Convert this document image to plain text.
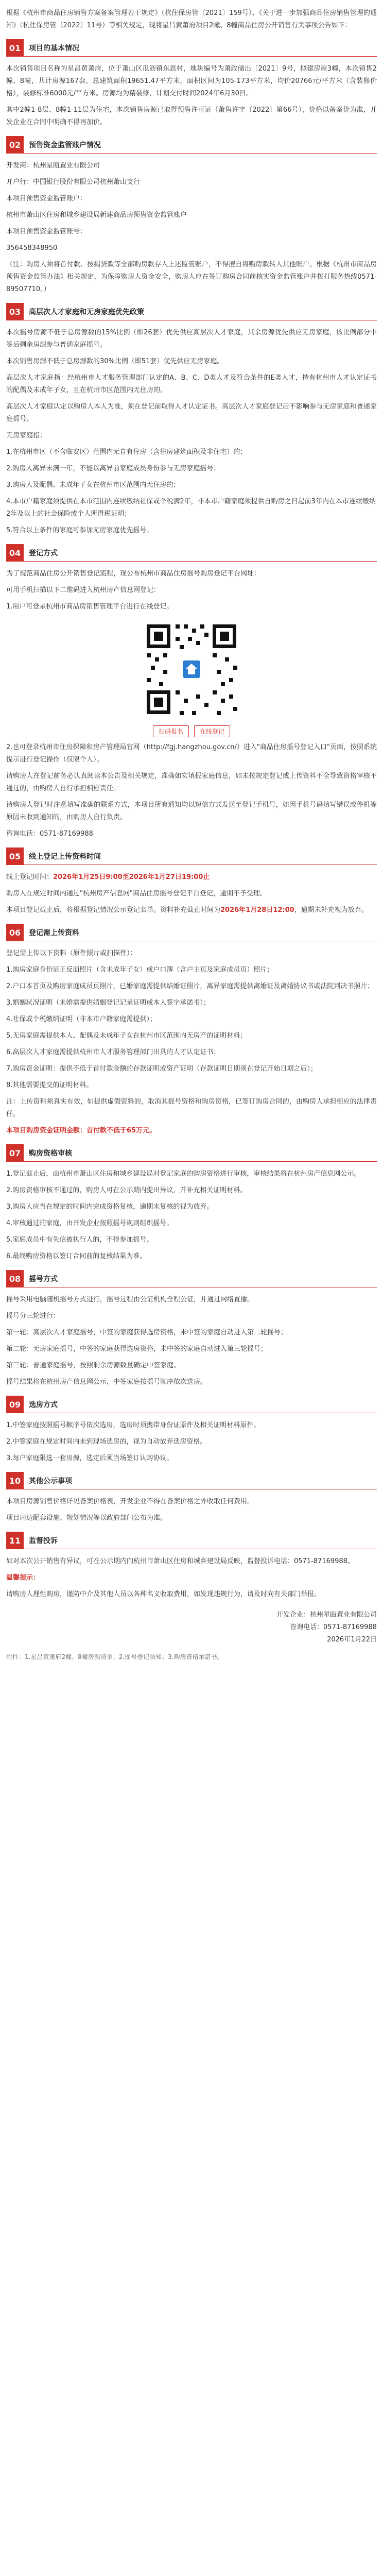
根据《杭州市商品住房销售方案备案管理若干规定》（杭住保房管〔2021〕159号）、《关于进一步加强商品住房销售管理的通知》（杭住保房管〔2022〕11号）等相关规定，现将星昌黄萧府项目2幢、8幢商品住房公开销售有关事项公告如下：

01	项目的基本情况

本次销售项目名称为星昌黄萧府，位于萧山区瓜沥镇东恩村，地块编号为萧政储出〔2021〕9号，拟建房屋3幢，本次销售2幢、8幢，共计房源167套，总建筑面积19651.47平方米，面积区间为105-173平方米，均价20766元/平方米（含装修价格），装修标准6000元/平方米。房源均为精装修，计划交付时间2024年6月30日。

其中2幢1-8层、8幢1-11层为住宅，本次销售房源已取得预售许可证（萧售许字〔2022〕第66号），价格以备案价为准，开发企业在合同中明确不得再加价。

02	预售资金监管账户情况
开发商：杭州星瓯置业有限公司
开户行：中国银行股份有限公司杭州萧山支行
本项目预售资金监管账户：
杭州市萧山区住房和城乡建设局新建商品房预售资金监管账户
本项目预售资金监管账号：
356458348950

（注：购房人须将首付款、按揭贷款等全部购房款存入上述监管账户，不得擅自将购房款转入其他账户。根据《杭州市商品房预售资金监管办法》相关规定，为保障购房人资金安全，购房人应在签订购房合同前核实资金监管账户并拨打服务热线0571-89507710。）

03	高层次人才家庭和无房家庭优先政策

本次摇号房源不低于总房源数的15%比例（即26套）优先供应高层次人才家庭，其余房源优先供应无房家庭，该比例部分中签后剩余房源参与普通家庭摇号。

本次销售房源不低于总房源数的30%比例（即51套）优先供应无房家庭。

高层次人才家庭指：经杭州市人才服务管理部门认定的A、B、C、D类人才及符合条件的E类人才，持有杭州市人才认定证书的配偶及未成年子女，且在杭州市区范围内无住房的。

高层次人才家庭认定以购房人本人为准，须在登记前取得人才认定证书。高层次人才家庭登记后不影响参与无房家庭和普通家庭摇号。

无房家庭指：
1.在杭州市区（不含临安区）范围内无自有住房（含住房建筑面积及非住宅）的；
2.购房人离异未满一年，不能以离异前家庭成员身份参与无房家庭摇号；
3.购房人及配偶、未成年子女在杭州市区范围内无住房的；
4.本市户籍家庭须提供在本市范围内连续缴纳社保或个税满2年，非本市户籍家庭须提供自购房之日起前3年内在本市连续缴纳2年及以上的社会保险或个人所得税证明；
5.符合以上条件的家庭可参加无房家庭优先摇号。
04	登记方式

为了规范商品住房公开销售登记流程，现公布杭州市商品住房摇号购房登记平台网址：

可用手机扫描以下二维码进入杭州房产信息网登记：

1.用户可登录杭州市商品房销售管理平台进行在线登记。

扫码报名	在线登记

2.也可登录杭州市住房保障和房产管理局官网（http://fgj.hangzhou.gov.cn/）进入"商品住房摇号登记入口"页面，按照系统提示进行登记操作（仅限个人）。

请购房人在登记前务必认真阅读本公告及相关规定，准确如实填报家庭信息，如未按规定登记或上传资料不全导致资格审核不通过的，由购房人自行承担相应责任。

请购房人登记时注意填写准确的联系方式，本项目所有通知均以短信方式发送至登记手机号，如因手机号码填写错误或停机等原因未收到通知的，由购房人自行负责。

咨询电话：0571-87169988

05	线上登记上传资料时间

线上登记时间：2026年1月25日9:00至2026年1月27日19:00止

购房人在规定时间内通过"杭州房产信息网"商品住房摇号登记平台登记，逾期不予受理。

本项目登记截止后，将根据登记情况公示登记名单。资料补充截止时间为2026年1月28日12:00，逾期未补充视为放弃。

06	登记需上传资料

登记需上传以下资料（原件照片或扫描件）：

1.购房家庭身份证正反面照片（含未成年子女）或户口簿（含户主页及家庭成员页）照片；

2.户口本首页及购房家庭成员页照片，已婚家庭需提供结婚证照片，离异家庭需提供离婚证及离婚协议书或法院判决书照片；

3.婚姻状况证明（未婚需提供婚姻登记记录证明或本人签字承诺书）；

4.社保或个税缴纳证明（非本市户籍家庭需提供）；

5.无房家庭需提供本人、配偶及未成年子女在杭州市区范围内无房产的证明材料；

6.高层次人才家庭需提供杭州市人才服务管理部门出具的人才认定证书；

7.购房资金证明：提供不低于首付款金额的存款证明或资产证明（存款证明日期须在登记开始日期之后）；

8.其他需要提交的证明材料。

注：上传资料须真实有效，如提供虚假资料的，取消其摇号资格和购房资格，已签订购房合同的，由购房人承担相应的法律责任。

本项目购房资金证明金额：首付款不低于65万元。

07	购房资格审核

1.登记截止后，由杭州市萧山区住房和城乡建设局对登记家庭的购房资格进行审核，审核结果将在杭州房产信息网公示。

2.购房资格审核不通过的，购房人可在公示期内提出异议，并补充相关证明材料。

3.购房人应当在规定的时间内完成资格复核，逾期未复核的视为放弃。

4.审核通过的家庭，由开发企业按照摇号规则组织摇号。

5.家庭成员中有失信被执行人的，不得参加摇号。

6.最终购房资格以签订合同前的复核结果为准。

08	摇号方式

摇号采用电脑随机摇号方式进行，摇号过程由公证机构全程公证，并通过网络直播。

摇号分三轮进行：

第一轮：高层次人才家庭摇号，中签的家庭获得选房资格，未中签的家庭自动进入第二轮摇号；

第二轮：无房家庭摇号，中签的家庭获得选房资格，未中签的家庭自动进入第三轮摇号；

第三轮：普通家庭摇号，按照剩余房源数量确定中签家庭。

摇号结果将在杭州房产信息网公示，中签家庭按摇号顺序依次选房。

09	选房方式

1.中签家庭按照摇号顺序号依次选房，选房时须携带身份证原件及相关证明材料原件。

2.中签家庭在规定时间内未到现场选房的，视为自动放弃选房资格。

3.每户家庭限选一套房源，选定后须当场签订认购协议。

10	其他公示事项

本项目房源销售价格详见备案价格表，开发企业不得在备案价格之外收取任何费用。

项目周边配套设施、规划情况等以政府部门公布为准。

11	监督投诉

如对本次公开销售有异议，可在公示期内向杭州市萧山区住房和城乡建设局反映，监督投诉电话：0571-87169988。

温馨提示：

请购房人理性购房，谨防中介及其他人员以各种名义收取费用，如发现违规行为，请及时向有关部门举报。

开发企业：杭州星瓯置业有限公司
咨询电话：0571-87169988
2026年1月22日

附件：1.星昌黄萧府2幢、8幢房源清单；2.摇号登记须知；3.购房资格承诺书。
